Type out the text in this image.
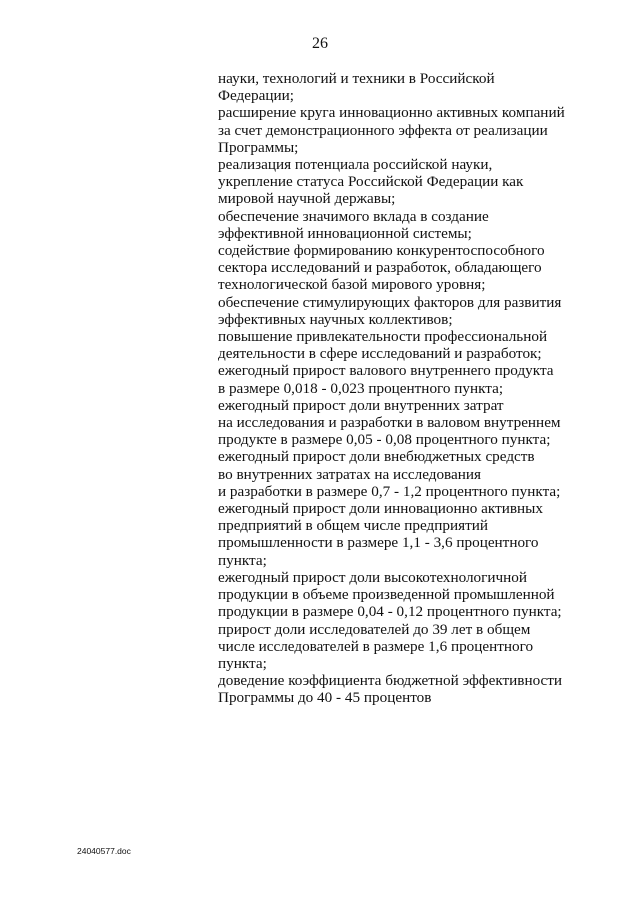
26
науки, технологий и техники в Российской
Федерации;
расширение круга инновационно активных компаний
за счет демонстрационного эффекта от реализации
Программы;
реализация потенциала российской науки,
укрепление статуса Российской Федерации как
мировой научной державы;
обеспечение значимого вклада в создание
эффективной инновационной системы;
содействие формированию конкурентоспособного
сектора исследований и разработок, обладающего
технологической базой мирового уровня;
обеспечение стимулирующих факторов для развития
эффективных научных коллективов;
повышение привлекательности профессиональной
деятельности в сфере исследований и разработок;
ежегодный прирост валового внутреннего продукта
в размере 0,018 - 0,023 процентного пункта;
ежегодный прирост доли внутренних затрат
на исследования и разработки в валовом внутреннем
продукте в размере 0,05 - 0,08 процентного пункта;
ежегодный прирост доли внебюджетных средств
во внутренних затратах на исследования
и разработки в размере 0,7 - 1,2 процентного пункта;
ежегодный прирост доли инновационно активных
предприятий в общем числе предприятий
промышленности в размере 1,1 - 3,6 процентного
пункта;
ежегодный прирост доли высокотехнологичной
продукции в объеме произведенной промышленной
продукции в размере 0,04 - 0,12 процентного пункта;
прирост доли исследователей до 39 лет в общем
числе исследователей в размере 1,6 процентного
пункта;
доведение коэффициента бюджетной эффективности
Программы до 40 - 45 процентов
24040577.doc
